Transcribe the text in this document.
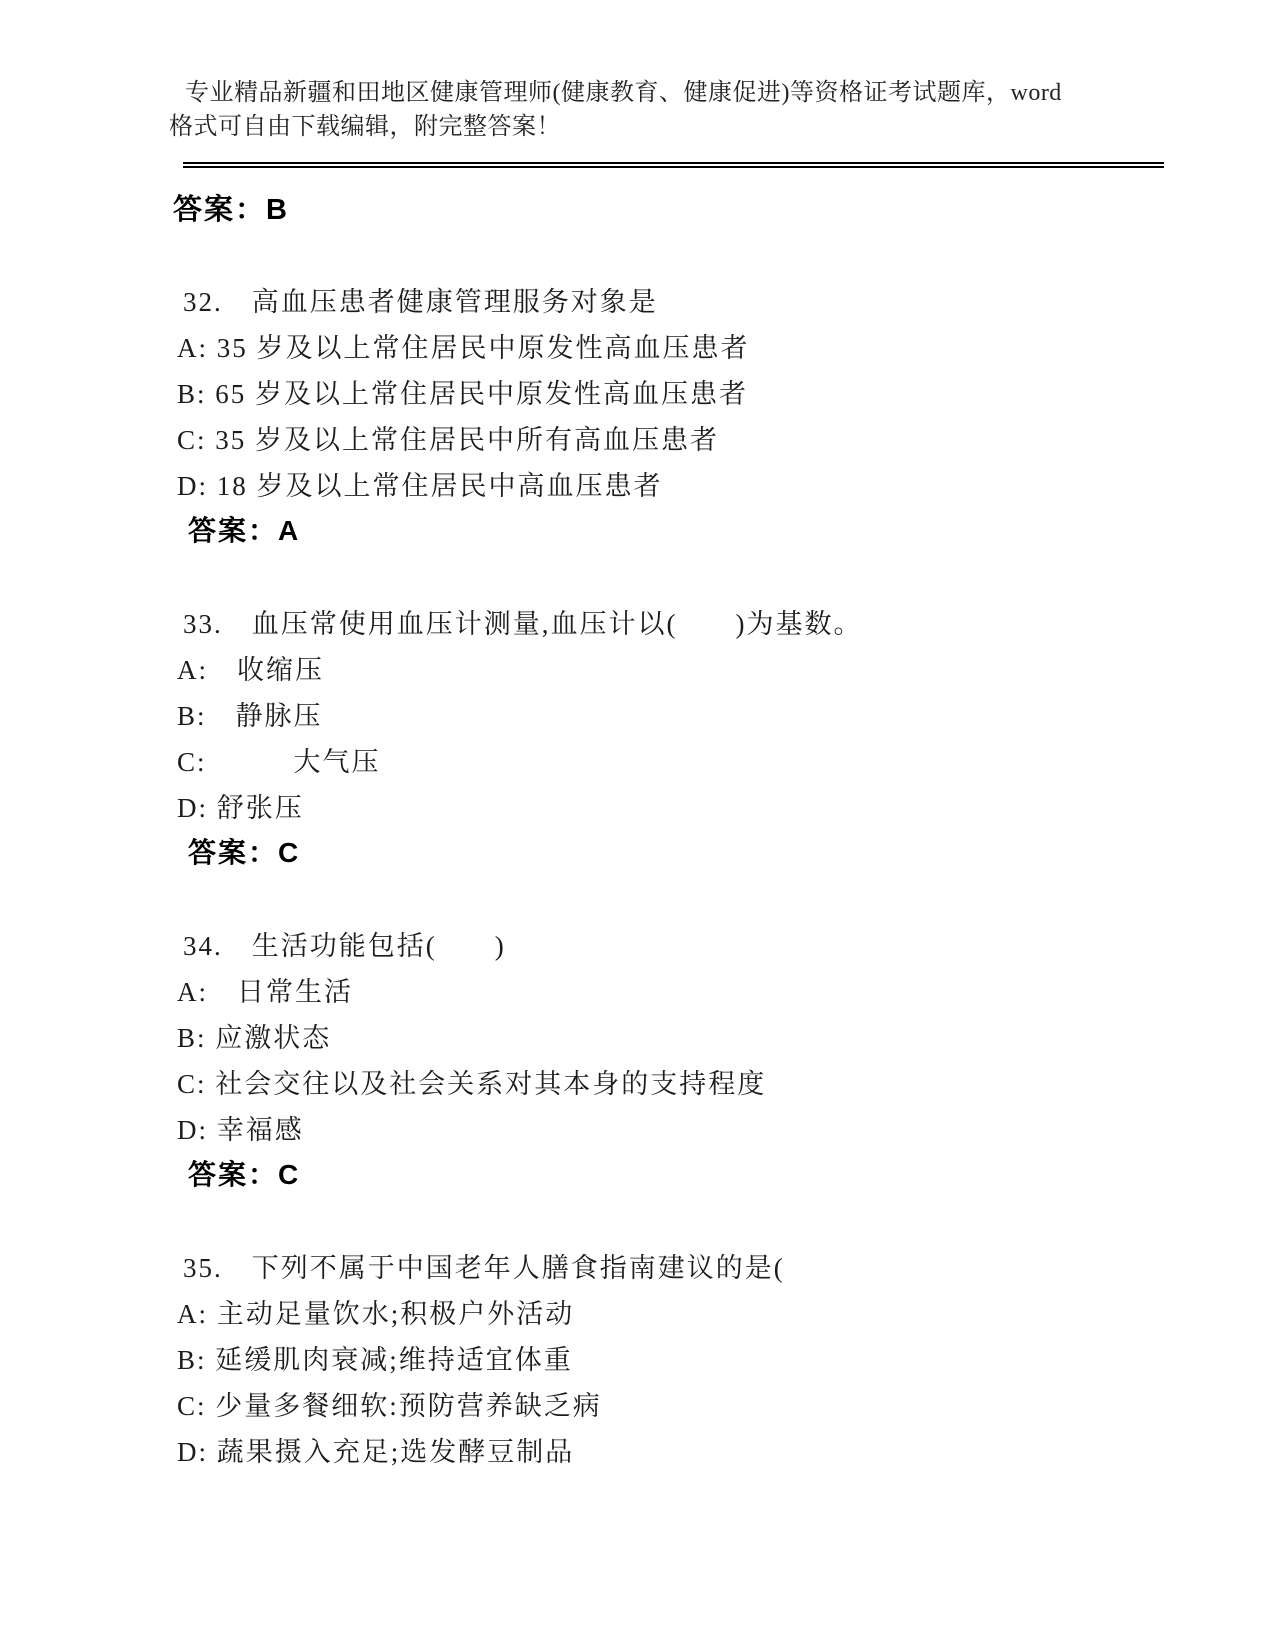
专业精品新疆和田地区健康管理师(健康教育、健康促进)等资格证考试题库，word
格式可自由下载编辑，附完整答案！
答案：B
32.　高血压患者健康管理服务对象是
A: 35 岁及以上常住居民中原发性高血压患者
B: 65 岁及以上常住居民中原发性高血压患者
C: 35 岁及以上常住居民中所有高血压患者
D: 18 岁及以上常住居民中高血压患者
答案：A
33.　血压常使用血压计测量,血压计以(　　)为基数。
A:　收缩压
B:　静脉压
C:　　　大气压
D: 舒张压
答案：C
34.　生活功能包括(　　)
A:　日常生活
B: 应激状态
C: 社会交往以及社会关系对其本身的支持程度
D: 幸福感
答案：C
35.　下列不属于中国老年人膳食指南建议的是(
A: 主动足量饮水;积极户外活动
B: 延缓肌肉衰减;维持适宜体重
C: 少量多餐细软:预防营养缺乏病
D: 蔬果摄入充足;选发酵豆制品
